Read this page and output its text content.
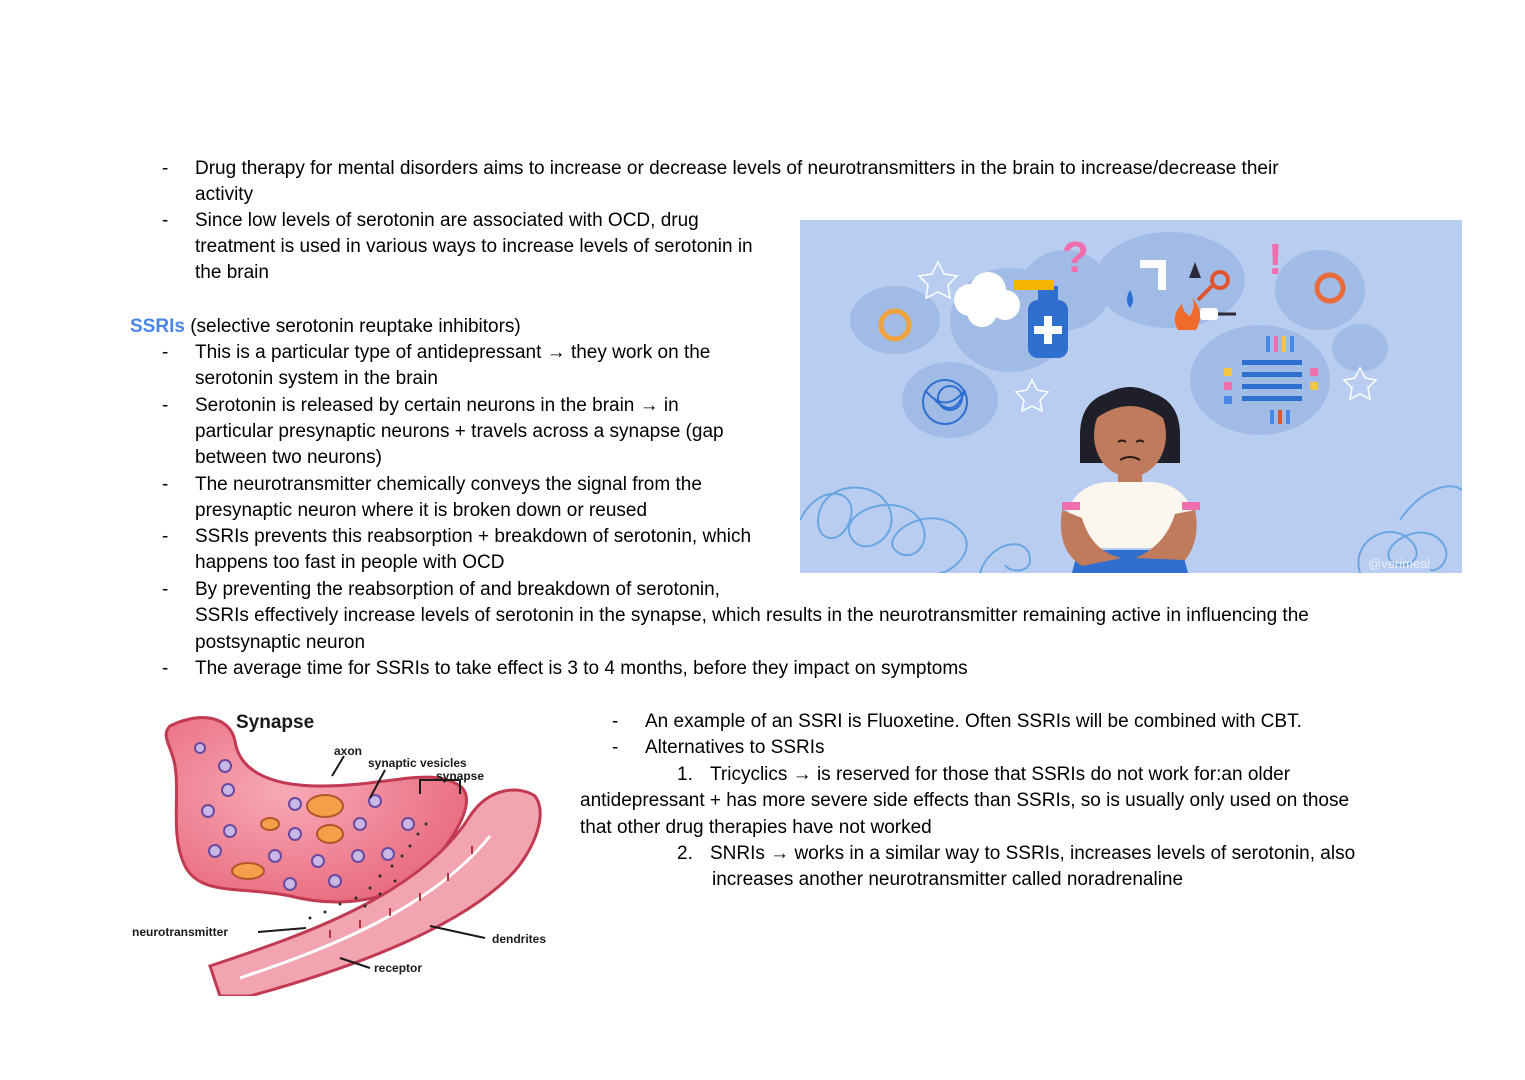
-	Drug therapy for mental disorders aims to increase or decrease levels of neurotransmitters in the brain to increase/decrease their
activity
-	Since low levels of serotonin are associated with OCD, drug
treatment is used in various ways to increase levels of serotonin in
the brain
SSRIs (selective serotonin reuptake inhibitors)
-	This is a particular type of antidepressant → they work on the
serotonin system in the brain
-	Serotonin is released by certain neurons in the brain → in
particular presynaptic neurons + travels across a synapse (gap
between two neurons)
-	The neurotransmitter chemically conveys the signal from the
presynaptic neuron where it is broken down or reused
-	SSRIs prevents this reabsorption + breakdown of serotonin, which
happens too fast in people with OCD
-	By preventing the reabsorption of and breakdown of serotonin,
SSRIs effectively increase levels of serotonin in the synapse, which results in the neurotransmitter remaining active in influencing the
postsynaptic neuron
-	The average time for SSRIs to take effect is 3 to 4 months, before they impact on symptoms
-	An example of an SSRI is Fluoxetine. Often SSRIs will be combined with CBT.
-	Alternatives to SSRIs
1. Tricyclics → is reserved for those that SSRIs do not work for:an older
antidepressant + has more severe side effects than SSRIs, so is usually only used on those
that other drug therapies have not worked
2. SNRIs → works in a similar way to SSRIs, increases levels of serotonin, also
increases another neurotransmitter called noradrenaline
?	!
@verimeal
Synapse
axon
synaptic vesicles
synapse
neurotransmitter	dendrites
receptor
